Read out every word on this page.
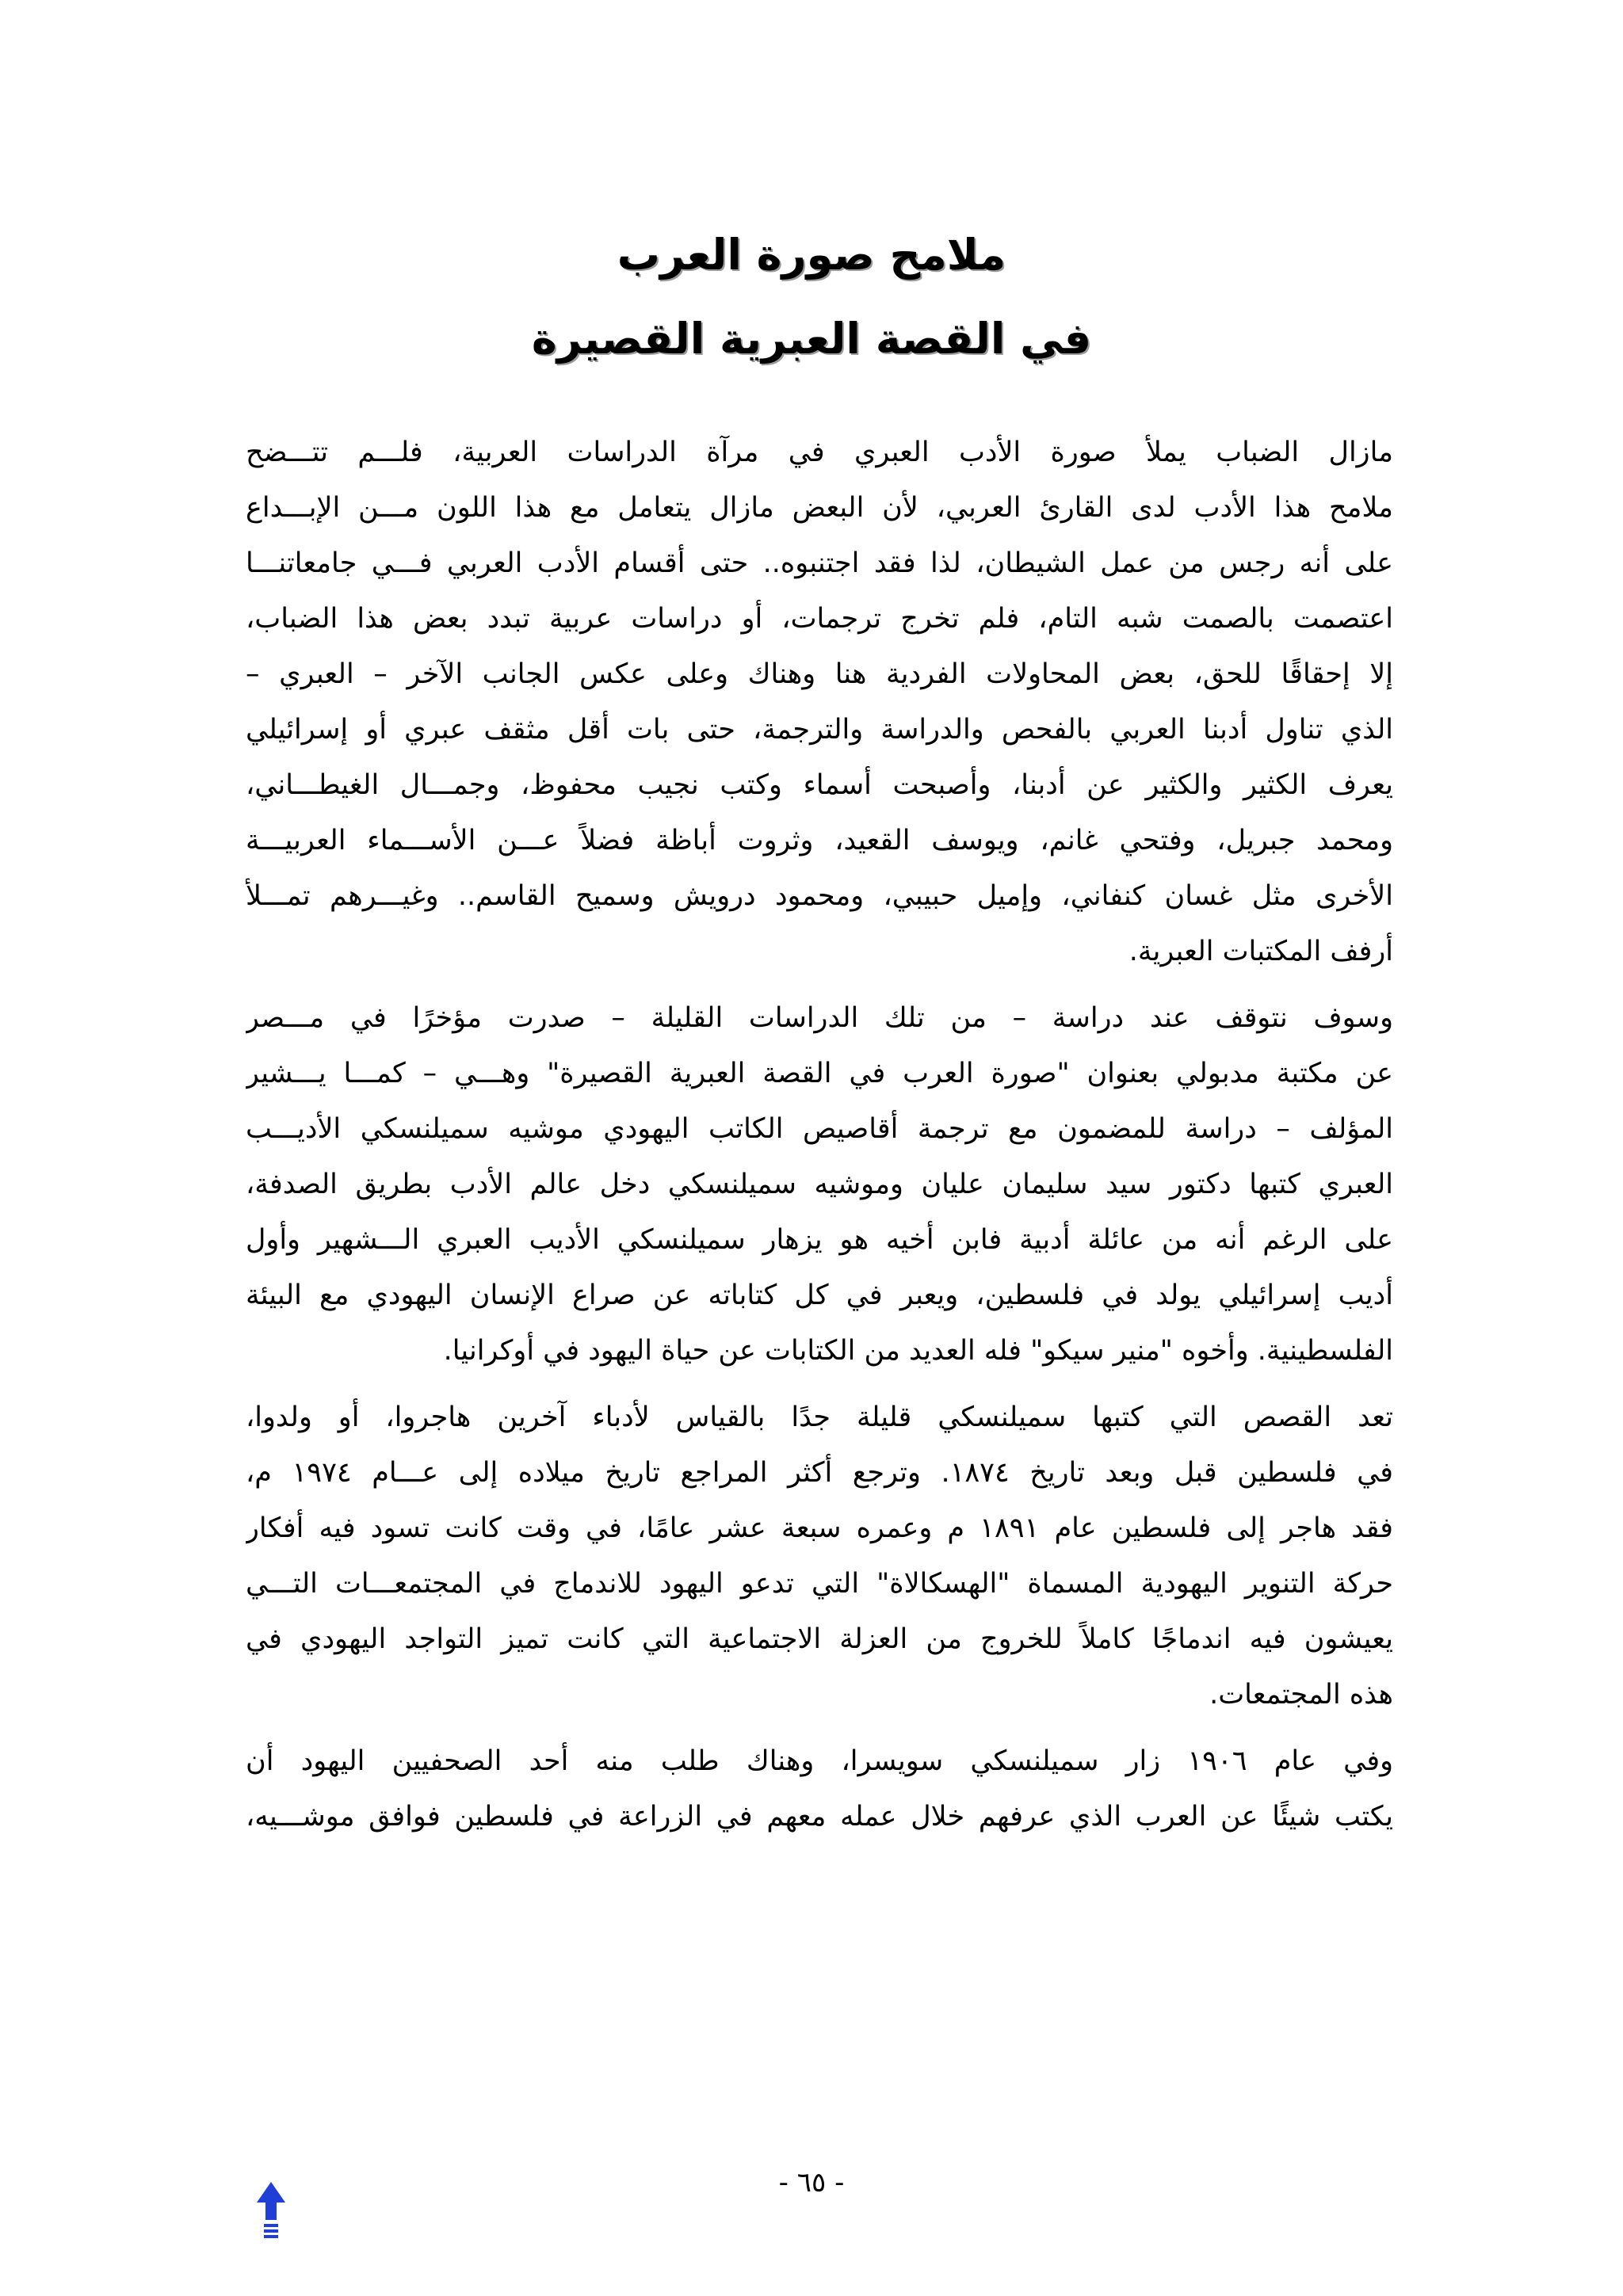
ملامح صورة العرب
في القصة العبرية القصيرة
مازال الضباب يملأ صورة الأدب العبري في مرآة الدراسات العربية، فلـــم تتـــضح
ملامح هذا الأدب لدى القارئ العربي، لأن البعض مازال يتعامل مع هذا اللون مـــن الإبـــداع
على أنه رجس من عمل الشيطان، لذا فقد اجتنبوه.. حتى أقسام الأدب العربي فـــي جامعاتنـــا
اعتصمت بالصمت شبه التام، فلم تخرج ترجمات، أو دراسات عربية تبدد بعض هذا الضباب،
إلا إحقاقًا للحق، بعض المحاولات الفردية هنا وهناك وعلى عكس الجانب الآخر – العبري –
الذي تناول أدبنا العربي بالفحص والدراسة والترجمة، حتى بات أقل مثقف عبري أو إسرائيلي
يعرف الكثير والكثير عن أدبنا، وأصبحت أسماء وكتب نجيب محفوظ، وجمـــال الغيطـــاني،
ومحمد جبريل، وفتحي غانم، ويوسف القعيد، وثروت أباظة فضلاً عـــن الأســـماء العربيـــة
الأخرى مثل غسان كنفاني، وإميل حبيبي، ومحمود درويش وسميح القاسم.. وغيـــرهم تمـــلأ
أرفف المكتبات العبرية.
وسوف نتوقف عند دراسة – من تلك الدراسات القليلة – صدرت مؤخرًا في مـــصر
عن مكتبة مدبولي بعنوان "صورة العرب في القصة العبرية القصيرة" وهـــي – كمـــا يـــشير
المؤلف – دراسة للمضمون مع ترجمة أقاصيص الكاتب اليهودي موشيه سميلنسكي الأديـــب
العبري كتبها دكتور سيد سليمان عليان وموشيه سميلنسكي دخل عالم الأدب بطريق الصدفة،
على الرغم أنه من عائلة أدبية فابن أخيه هو يزهار سميلنسكي الأديب العبري الـــشهير وأول
أديب إسرائيلي يولد في فلسطين، ويعبر في كل كتاباته عن صراع الإنسان اليهودي مع البيئة
الفلسطينية. وأخوه "منير سيكو" فله العديد من الكتابات عن حياة اليهود في أوكرانيا.
تعد القصص التي كتبها سميلنسكي قليلة جدًا بالقياس لأدباء آخرين هاجروا، أو ولدوا،
في فلسطين قبل وبعد تاريخ ١٨٧٤. وترجع أكثر المراجع تاريخ ميلاده إلى عـــام ١٩٧٤ م،
فقد هاجر إلى فلسطين عام ١٨٩١ م وعمره سبعة عشر عامًا، في وقت كانت تسود فيه أفكار
حركة التنوير اليهودية المسماة "الهسكالاة" التي تدعو اليهود للاندماج في المجتمعـــات التـــي
يعيشون فيه اندماجًا كاملاً للخروج من العزلة الاجتماعية التي كانت تميز التواجد اليهودي في
هذه المجتمعات.
وفي عام ١٩٠٦ زار سميلنسكي سويسرا، وهناك طلب منه أحد الصحفيين اليهود أن
يكتب شيئًا عن العرب الذي عرفهم خلال عمله معهم في الزراعة في فلسطين فوافق موشـــيه،
- ٦٥ -
